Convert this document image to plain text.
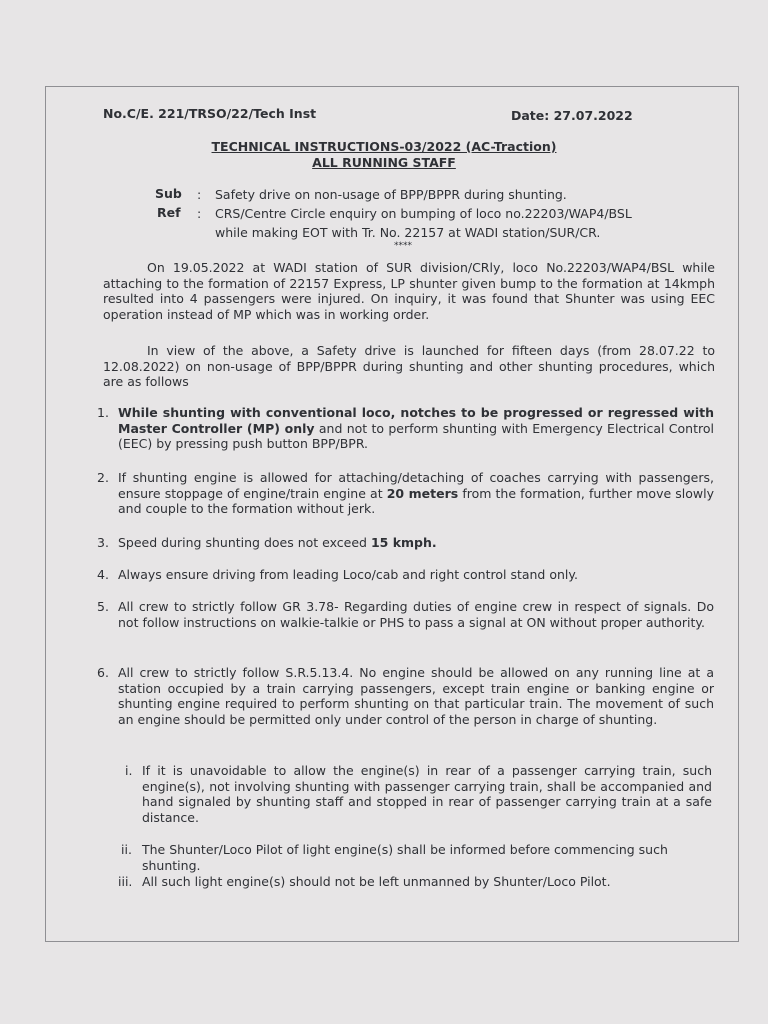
No.C/E. 221/TRSO/22/Tech Inst	Date: 27.07.2022
TECHNICAL INSTRUCTIONS-03/2022 (AC-Traction)
ALL RUNNING STAFF
Sub : Safety drive on non-usage of BPP/BPPR during shunting.
Ref : CRS/Centre Circle enquiry on bumping of loco no.22203/WAP4/BSL
while making EOT with Tr. No. 22157 at WADI station/SUR/CR.
****
On 19.05.2022 at WADI station of SUR division/CRly, loco No.22203/WAP4/BSL while attaching to the formation of 22157 Express, LP shunter given bump to the formation at 14kmph resulted into 4 passengers were injured. On inquiry, it was found that Shunter was using EEC operation instead of MP which was in working order.
In view of the above, a Safety drive is launched for fifteen days (from 28.07.22 to 12.08.2022) on non-usage of BPP/BPPR during shunting and other shunting procedures, which are as follows
1. While shunting with conventional loco, notches to be progressed or regressed with Master Controller (MP) only and not to perform shunting with Emergency Electrical Control (EEC) by pressing push button BPP/BPR.
2. If shunting engine is allowed for attaching/detaching of coaches carrying with passengers, ensure stoppage of engine/train engine at 20 meters from the formation, further move slowly and couple to the formation without jerk.
3. Speed during shunting does not exceed 15 kmph.
4. Always ensure driving from leading Loco/cab and right control stand only.
5. All crew to strictly follow GR 3.78- Regarding duties of engine crew in respect of signals. Do not follow instructions on walkie-talkie or PHS to pass a signal at ON without proper authority.
6. All crew to strictly follow S.R.5.13.4. No engine should be allowed on any running line at a station occupied by a train carrying passengers, except train engine or banking engine or shunting engine required to perform shunting on that particular train. The movement of such an engine should be permitted only under control of the person in charge of shunting.
i. If it is unavoidable to allow the engine(s) in rear of a passenger carrying train, such engine(s), not involving shunting with passenger carrying train, shall be accompanied and hand signaled by shunting staff and stopped in rear of passenger carrying train at a safe distance.
ii. The Shunter/Loco Pilot of light engine(s) shall be informed before commencing such shunting.
iii. All such light engine(s) should not be left unmanned by Shunter/Loco Pilot.
